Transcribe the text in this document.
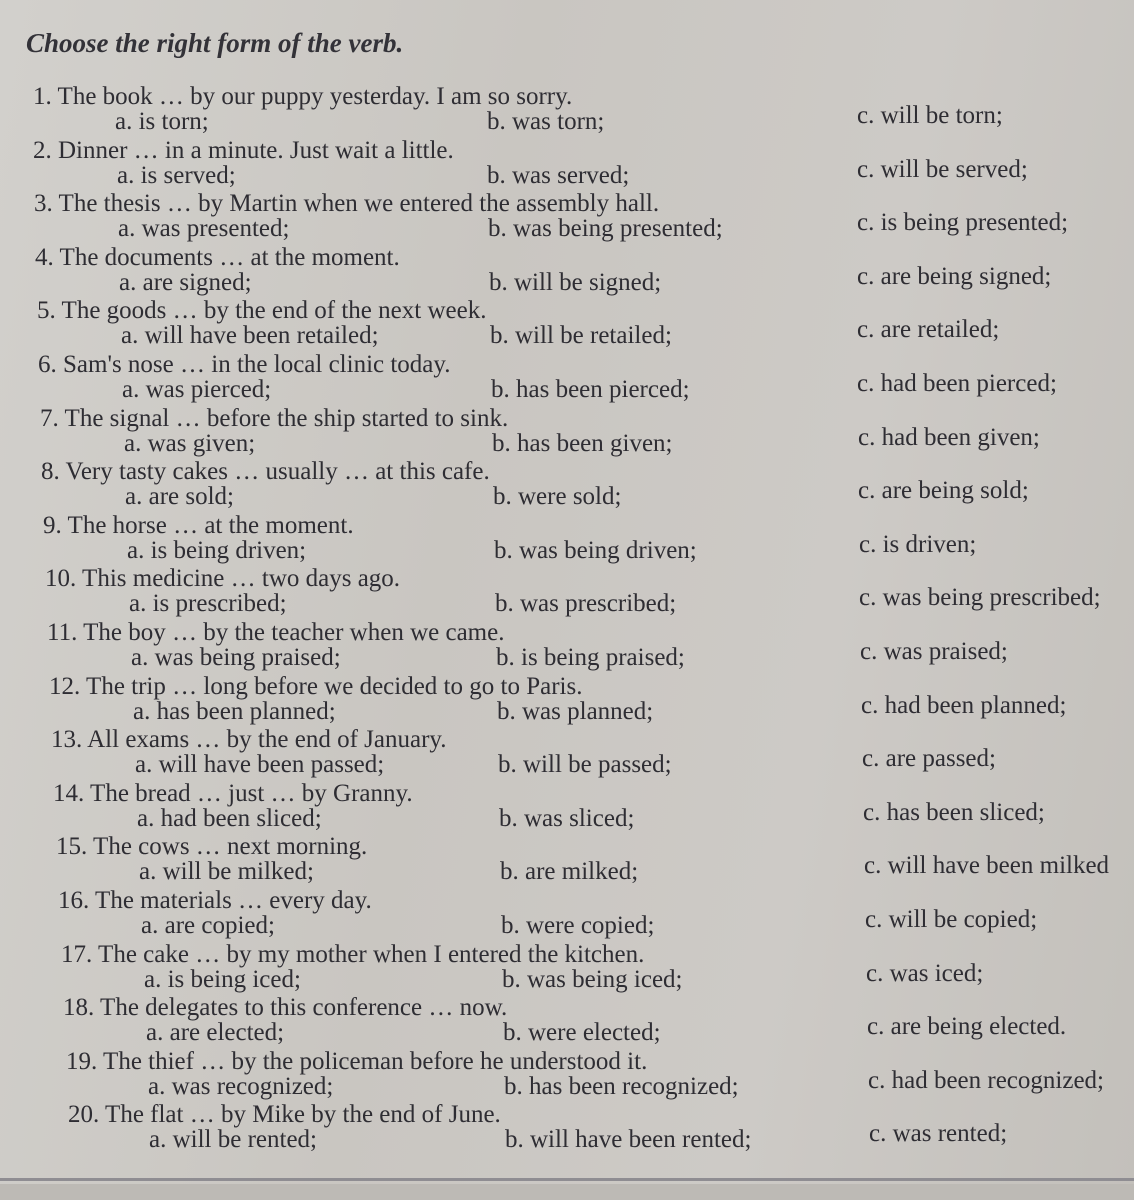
Choose the right form of the verb.
1. The book … by our puppy yesterday. I am so sorry.
a. is torn;	b. was torn;	c. will be torn;
2. Dinner … in a minute. Just wait a little.
a. is served;	b. was served;	c. will be served;
3. The thesis … by Martin when we entered the assembly hall.
a. was presented;	b. was being presented;	c. is being presented;
4. The documents … at the moment.
a. are signed;	b. will be signed;	c. are being signed;
5. The goods … by the end of the next week.
a. will have been retailed;	b. will be retailed;	c. are retailed;
6. Sam's nose … in the local clinic today.
a. was pierced;	b. has been pierced;	c. had been pierced;
7. The signal … before the ship started to sink.
a. was given;	b. has been given;	c. had been given;
8. Very tasty cakes … usually … at this cafe.
a. are sold;	b. were sold;	c. are being sold;
9. The horse … at the moment.
a. is being driven;	b. was being driven;	c. is driven;
10. This medicine … two days ago.
a. is prescribed;	b. was prescribed;	c. was being prescribed;
11. The boy … by the teacher when we came.
a. was being praised;	b. is being praised;	c. was praised;
12. The trip … long before we decided to go to Paris.
a. has been planned;	b. was planned;	c. had been planned;
13. All exams … by the end of January.
a. will have been passed;	b. will be passed;	c. are passed;
14. The bread … just … by Granny.
a. had been sliced;	b. was sliced;	c. has been sliced;
15. The cows … next morning.
a. will be milked;	b. are milked;	c. will have been milked
16. The materials … every day.
a. are copied;	b. were copied;	c. will be copied;
17. The cake … by my mother when I entered the kitchen.
a. is being iced;	b. was being iced;	c. was iced;
18. The delegates to this conference … now.
a. are elected;	b. were elected;	c. are being elected.
19. The thief … by the policeman before he understood it.
a. was recognized;	b. has been recognized;	c. had been recognized;
20. The flat … by Mike by the end of June.
a. will be rented;	b. will have been rented;	c. was rented;
